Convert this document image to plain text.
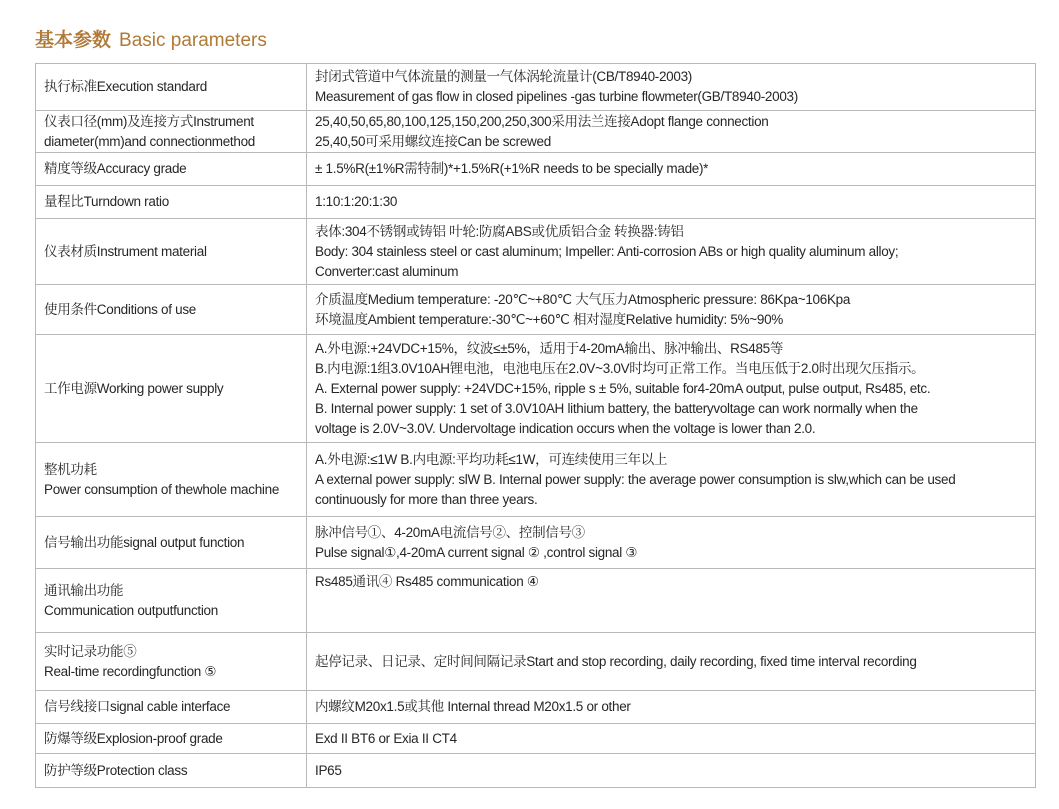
基本参数 Basic parameters
执行标准Execution standard	封闭式管道中气体流量的测量一气体涡轮流量计(CB/T8940-2003)
Measurement of gas flow in closed pipelines -gas turbine flowmeter(GB/T8940-2003)

仪表口径(mm)及连接方式Instrument
diameter(mm)and connectionmethod	25,40,50,65,80,100,125,150,200,250,300采用法兰连接Adopt flange connection
25,40,50可采用螺纹连接Can be screwed

精度等级Accuracy grade	± 1.5%R(±1%R需特制)*+1.5%R(+1%R needs to be specially made)*

量程比Turndown ratio	1:10:1:20:1:30

仪表材质Instrument material	表体:304不锈钢或铸铝 叶轮:防腐ABS或优质铝合金 转换器:铸铝
Body: 304 stainless steel or cast aluminum; Impeller: Anti-corrosion ABs or high quality aluminum alloy;
Converter:cast aluminum

使用条件Conditions of use	介质温度Medium temperature: -20℃~+80℃ 大气压力Atmospheric pressure: 86Kpa~106Kpa
环境温度Ambient temperature:-30℃~+60℃ 相对湿度Relative humidity: 5%~90%

工作电源Working power supply	A.外电源:+24VDC+15%，纹波≤±5%，适用于4-20mA输出、脉冲输出、RS485等
B.内电源:1组3.0V10AH锂电池，电池电压在2.0V~3.0V时均可正常工作。当电压低于2.0时出现欠压指示。
A. External power supply: +24VDC+15%, ripple s ± 5%, suitable for4-20mA output, pulse output, Rs485, etc.
B. Internal power supply: 1 set of 3.0V10AH lithium battery, the batteryvoltage can work normally when the
voltage is 2.0V~3.0V. Undervoltage indication occurs when the voltage is lower than 2.0.

整机功耗
Power consumption of thewhole machine	A.外电源:≤1W B.内电源:平均功耗≤1W，可连续使用三年以上
A external power supply: slW B. Internal power supply: the average power consumption is slw,which can be used
continuously for more than three years.

信号输出功能signal output function	脉冲信号①、4-20mA电流信号②、控制信号③
Pulse signal①,4-20mA current signal ② ,control signal ③

通讯输出功能
Communication outputfunction	Rs485通讯④ Rs485 communication ④

实时记录功能⑤
Real-time recordingfunction ⑤	起停记录、日记录、定时间间隔记录Start and stop recording, daily recording, fixed time interval recording

信号线接口signal cable interface	内螺纹M20x1.5或其他 Internal thread M20x1.5 or other

防爆等级Explosion-proof grade	Exd II BT6 or Exia II CT4

防护等级Protection class	IP65
